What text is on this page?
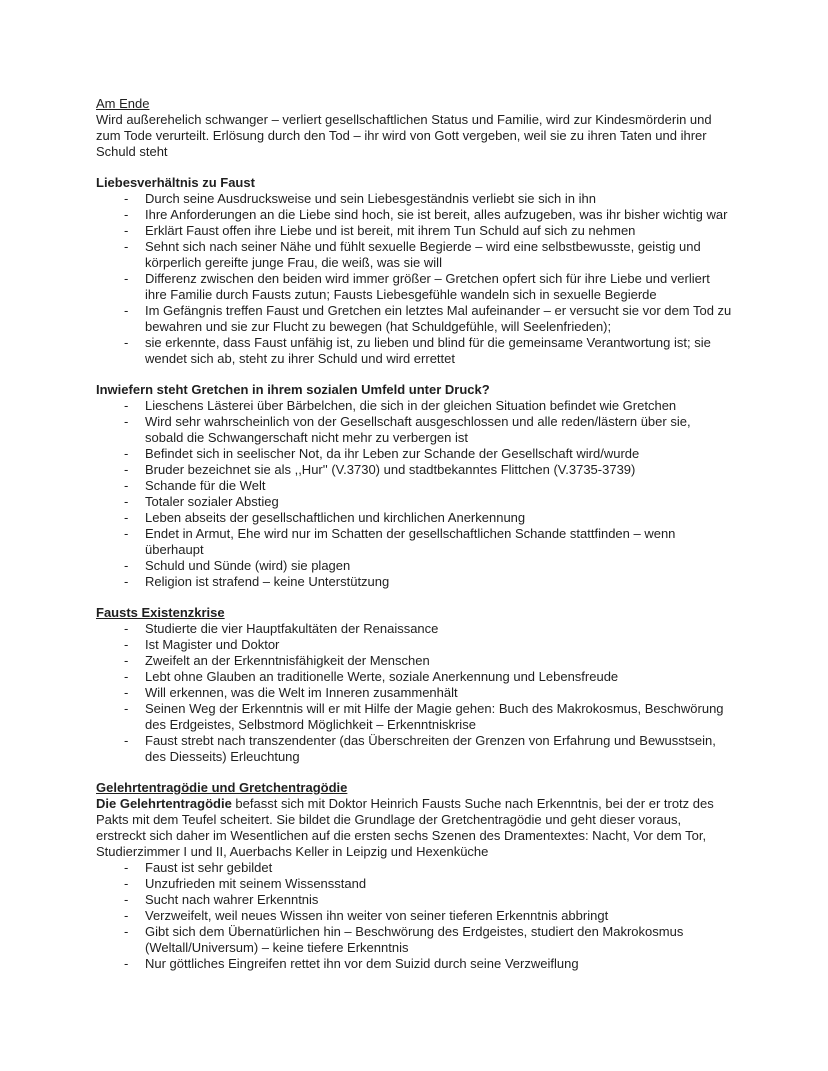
Am Ende

Wird außerehelich schwanger – verliert gesellschaftlichen Status und Familie, wird zur Kindesmörderin und zum Tode verurteilt. Erlösung durch den Tod – ihr wird von Gott vergeben, weil sie zu ihren Taten und ihrer Schuld steht

Liebesverhältnis zu Faust
-	Durch seine Ausdrucksweise und sein Liebesgeständnis verliebt sie sich in ihn
-	Ihre Anforderungen an die Liebe sind hoch, sie ist bereit, alles aufzugeben, was ihr bisher wichtig war
-	Erklärt Faust offen ihre Liebe und ist bereit, mit ihrem Tun Schuld auf sich zu nehmen
-	Sehnt sich nach seiner Nähe und fühlt sexuelle Begierde – wird eine selbstbewusste, geistig und körperlich gereifte junge Frau, die weiß, was sie will
-	Differenz zwischen den beiden wird immer größer – Gretchen opfert sich für ihre Liebe und verliert ihre Familie durch Fausts zutun; Fausts Liebesgefühle wandeln sich in sexuelle Begierde
-	Im Gefängnis treffen Faust und Gretchen ein letztes Mal aufeinander – er versucht sie vor dem Tod zu bewahren und sie zur Flucht zu bewegen (hat Schuldgefühle, will Seelenfrieden);
-	sie erkennte, dass Faust unfähig ist, zu lieben und blind für die gemeinsame Verantwortung ist; sie wendet sich ab, steht zu ihrer Schuld und wird errettet
Inwiefern steht Gretchen in ihrem sozialen Umfeld unter Druck?
-	Lieschens Lästerei über Bärbelchen, die sich in der gleichen Situation befindet wie Gretchen
-	Wird sehr wahrscheinlich von der Gesellschaft ausgeschlossen und alle reden/lästern über sie, sobald die Schwangerschaft nicht mehr zu verbergen ist
-	Befindet sich in seelischer Not, da ihr Leben zur Schande der Gesellschaft wird/wurde
-	Bruder bezeichnet sie als ,,Hur'' (V.3730) und stadtbekanntes Flittchen (V.3735-3739)
-	Schande für die Welt
-	Totaler sozialer Abstieg
-	Leben abseits der gesellschaftlichen und kirchlichen Anerkennung
-	Endet in Armut, Ehe wird nur im Schatten der gesellschaftlichen Schande stattfinden – wenn überhaupt
-	Schuld und Sünde (wird) sie plagen
-	Religion ist strafend – keine Unterstützung
Fausts Existenzkrise
-	Studierte die vier Hauptfakultäten der Renaissance
-	Ist Magister und Doktor
-	Zweifelt an der Erkenntnisfähigkeit der Menschen
-	Lebt ohne Glauben an traditionelle Werte, soziale Anerkennung und Lebensfreude
-	Will erkennen, was die Welt im Inneren zusammenhält
-	Seinen Weg der Erkenntnis will er mit Hilfe der Magie gehen: Buch des Makrokosmus, Beschwörung des Erdgeistes, Selbstmord Möglichkeit – Erkenntniskrise
-	Faust strebt nach transzendenter (das Überschreiten der Grenzen von Erfahrung und Bewusstsein, des Diesseits) Erleuchtung
Gelehrtentragödie und Gretchentragödie

Die Gelehrtentragödie befasst sich mit Doktor Heinrich Fausts Suche nach Erkenntnis, bei der er trotz des Pakts mit dem Teufel scheitert. Sie bildet die Grundlage der Gretchentragödie und geht dieser voraus, erstreckt sich daher im Wesentlichen auf die ersten sechs Szenen des Dramentextes: Nacht, Vor dem Tor, Studierzimmer I und II, Auerbachs Keller in Leipzig und Hexenküche

-	Faust ist sehr gebildet
-	Unzufrieden mit seinem Wissensstand
-	Sucht nach wahrer Erkenntnis
-	Verzweifelt, weil neues Wissen ihn weiter von seiner tieferen Erkenntnis abbringt
-	Gibt sich dem Übernatürlichen hin – Beschwörung des Erdgeistes, studiert den Makrokosmus (Weltall/Universum) – keine tiefere Erkenntnis
-	Nur göttliches Eingreifen rettet ihn vor dem Suizid durch seine Verzweiflung
